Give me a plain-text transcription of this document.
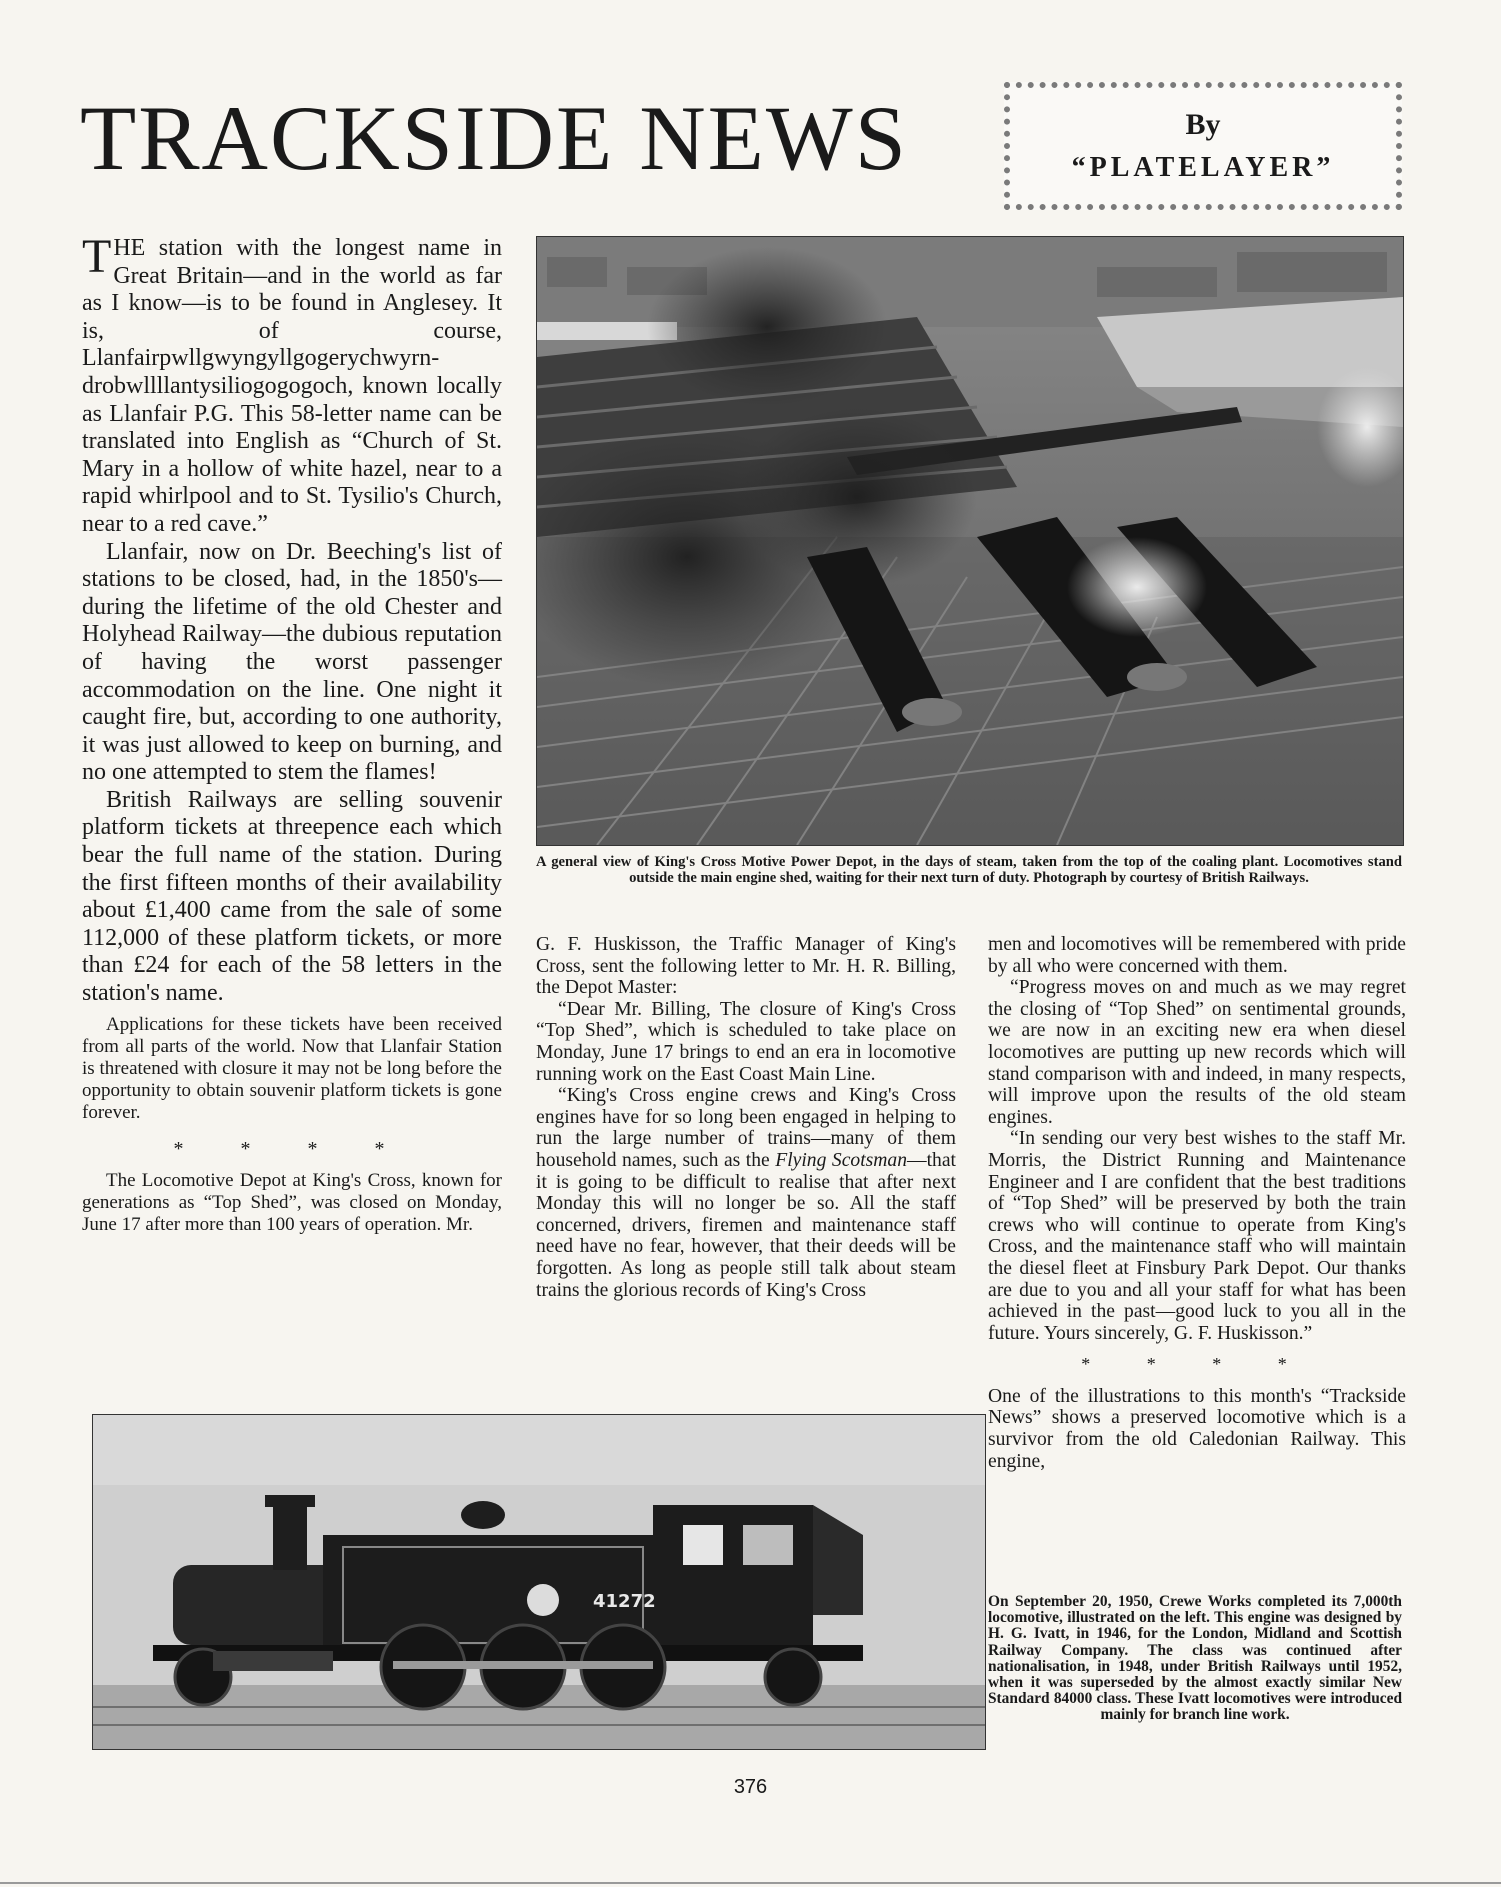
TRACKSIDE NEWS	By
“PLATELAYER”

THE station with the longest name in Great Britain—and in the world as far as I know—is to be found in Anglesey. It is, of course, Llanfairpwllgwyngyllgogerychwyrn-drobwllllantysiliogogogoch, known locally as Llanfair P.G. This 58-letter name can be translated into English as “Church of St. Mary in a hollow of white hazel, near to a rapid whirlpool and to St. Tysilio's Church, near to a red cave.”

Llanfair, now on Dr. Beeching's list of stations to be closed, had, in the 1850's—during the lifetime of the old Chester and Holyhead Railway—the dubious reputation of having the worst passenger accommodation on the line. One night it caught fire, but, according to one authority, it was just allowed to keep on burning, and no one attempted to stem the flames!

British Railways are selling souvenir platform tickets at threepence each which bear the full name of the station. During the first fifteen months of their availability about £1,400 came from the sale of some 112,000 of these platform tickets, or more than £24 for each of the 58 letters in the station's name.

Applications for these tickets have been received from all parts of the world. Now that Llanfair Station is threatened with closure it may not be long before the opportunity to obtain souvenir platform tickets is gone forever.

* * * *

The Locomotive Depot at King's Cross, known for generations as “Top Shed”, was closed on Monday, June 17 after more than 100 years of operation. Mr.

A general view of King's Cross Motive Power Depot, in the days of steam, taken from the top of the coaling plant. Locomotives stand outside the main engine shed, waiting for their next turn of duty. Photograph by courtesy of British Railways.

G. F. Huskisson, the Traffic Manager of King's Cross, sent the following letter to Mr. H. R. Billing, the Depot Master:

“Dear Mr. Billing, The closure of King's Cross “Top Shed”, which is scheduled to take place on Monday, June 17 brings to end an era in locomotive running work on the East Coast Main Line.

“King's Cross engine crews and King's Cross engines have for so long been engaged in helping to run the large number of trains—many of them household names, such as the Flying Scotsman—that it is going to be difficult to realise that after next Monday this will no longer be so. All the staff concerned, drivers, firemen and maintenance staff need have no fear, however, that their deeds will be forgotten. As long as people still talk about steam trains the glorious records of King's Cross

men and locomotives will be remembered with pride by all who were concerned with them.

“Progress moves on and much as we may regret the closing of “Top Shed” on sentimental grounds, we are now in an exciting new era when diesel locomotives are putting up new records which will stand comparison with and indeed, in many respects, will improve upon the results of the old steam engines.

“In sending our very best wishes to the staff Mr. Morris, the District Running and Maintenance Engineer and I are confident that the best traditions of “Top Shed” will be preserved by both the train crews who will continue to operate from King's Cross, and the maintenance staff who will maintain the diesel fleet at Finsbury Park Depot. Our thanks are due to you and all your staff for what has been achieved in the past—good luck to you all in the future. Yours sincerely, G. F. Huskisson.”

* * * *

One of the illustrations to this month's “Trackside News” shows a preserved locomotive which is a survivor from the old Caledonian Railway. This engine,

41272	On September 20, 1950, Crewe Works completed its 7,000th locomotive, illustrated on the left. This engine was designed by H. G. Ivatt, in 1946, for the London, Midland and Scottish Railway Company. The class was continued after nationalisation, in 1948, under British Railways until 1952, when it was superseded by the almost exactly similar New Standard 84000 class. These Ivatt locomotives were introduced mainly for branch line work.
376
